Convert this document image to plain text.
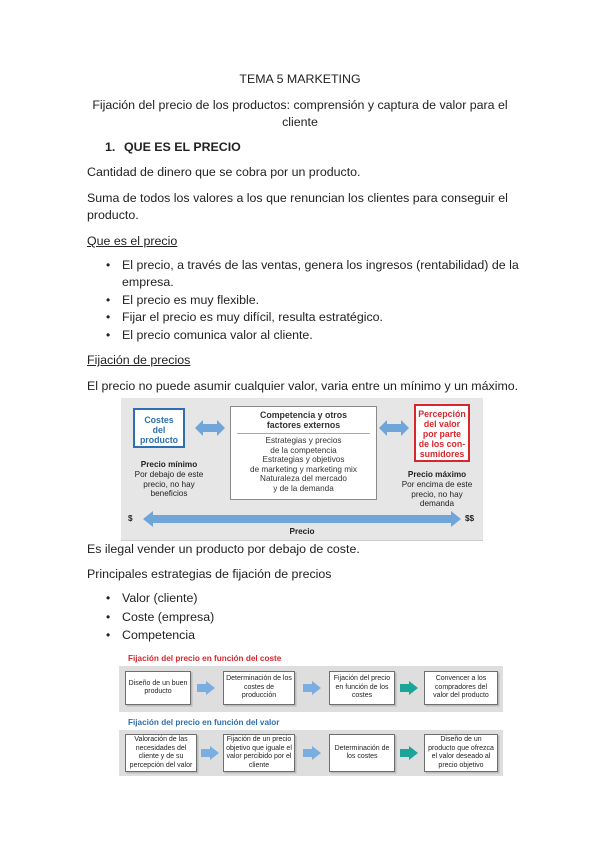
TEMA 5 MARKETING
Fijación del precio de los productos: comprensión y captura de valor para el
cliente
1. QUE ES EL PRECIO
Cantidad de dinero que se cobra por un producto.
Suma de todos los valores a los que renuncian los clientes para conseguir el
producto.
Que es el precio
• El precio, a través de las ventas, genera los ingresos (rentabilidad) de la
empresa.
• El precio es muy flexible.
• Fijar el precio es muy difícil, resulta estratégico.
• El precio comunica valor al cliente.
Fijación de precios
El precio no puede asumir cualquier valor, varia entre un mínimo y un máximo.
Costes
del
producto
Competencia y otros
factores externos
Estrategias y precios
de la competencia
Estrategias y objetivos
de marketing y marketing mix
Naturaleza del mercado
y de la demanda
Percepción
del valor
por parte
de los con-
sumidores
Precio mínimo
Por debajo de este
precio, no hay
beneficios
Precio máximo
Por encima de este
precio, no hay
demanda
$	$$
Precio
Es ilegal vender un producto por debajo de coste.
Principales estrategias de fijación de precios
• Valor (cliente)
• Coste (empresa)
• Competencia
Fijación del precio en función del coste
Diseño de un buen producto
Determinación de los costes de producción
Fijación del precio en función de los costes
Convencer a los compradores del valor del producto
Fijación del precio en función del valor
Valoración de las necesidades del cliente y de su percepción del valor
Fijación de un precio objetivo que iguale el valor percibido por el cliente
Determinación de los costes
Diseño de un producto que ofrezca el valor deseado al precio objetivo
